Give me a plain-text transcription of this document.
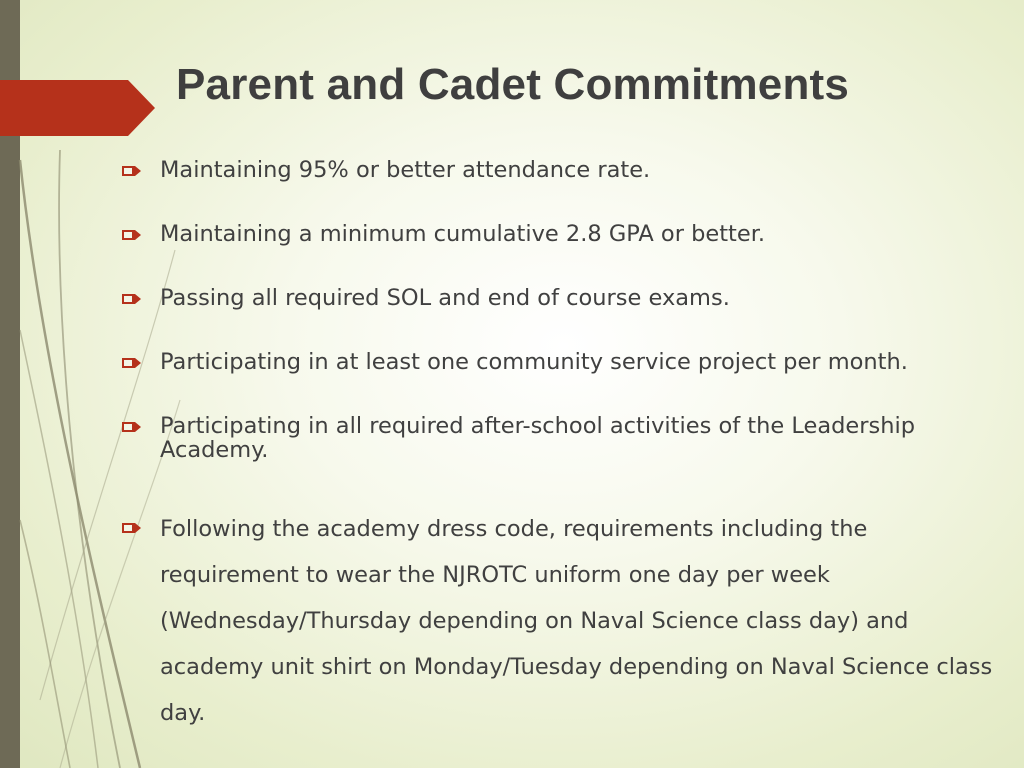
Parent and Cadet Commitments
Maintaining 95% or better attendance rate.
Maintaining a minimum cumulative 2.8 GPA or better.
Passing all required SOL and end of course exams.
Participating in at least one community service project per month.
Participating in all required after-school activities of the Leadership Academy.
Following the academy dress code, requirements including the requirement to wear the NJROTC uniform one day per week (Wednesday/Thursday depending on Naval Science class day) and academy unit shirt on Monday/Tuesday depending on Naval Science class day.
